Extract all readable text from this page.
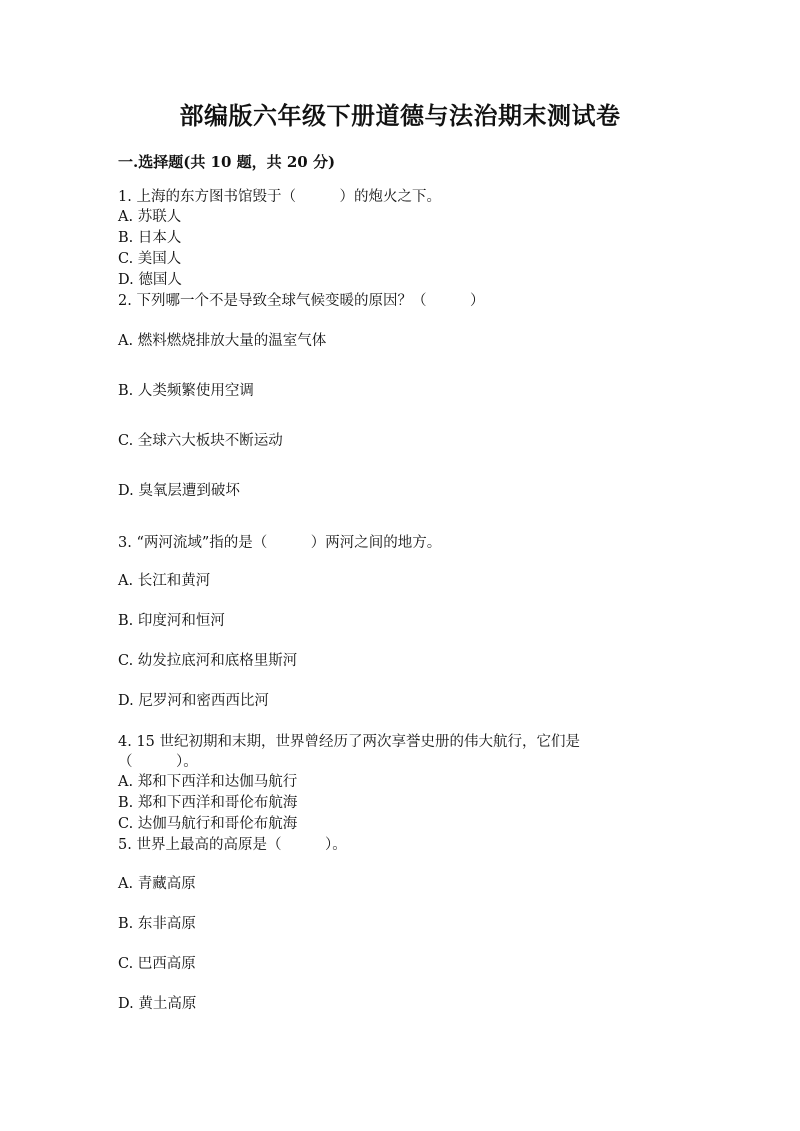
部编版六年级下册道德与法治期末测试卷
一.选择题(共 10 题，共 20 分)
1. 上海的东方图书馆毁于（　　　）的炮火之下。
A. 苏联人
B. 日本人
C. 美国人
D. 德国人
2. 下列哪一个不是导致全球气候变暖的原因？（　　　）
A. 燃料燃烧排放大量的温室气体
B. 人类频繁使用空调
C. 全球六大板块不断运动
D. 臭氧层遭到破坏
3. “两河流域”指的是（　　　）两河之间的地方。
A. 长江和黄河
B. 印度河和恒河
C. 幼发拉底河和底格里斯河
D. 尼罗河和密西西比河
4. 15 世纪初期和末期，世界曾经历了两次享誉史册的伟大航行，它们是
（　　　）。
A. 郑和下西洋和达伽马航行
B. 郑和下西洋和哥伦布航海
C. 达伽马航行和哥伦布航海
5. 世界上最高的高原是（　　　）。
A. 青藏高原
B. 东非高原
C. 巴西高原
D. 黄土高原
